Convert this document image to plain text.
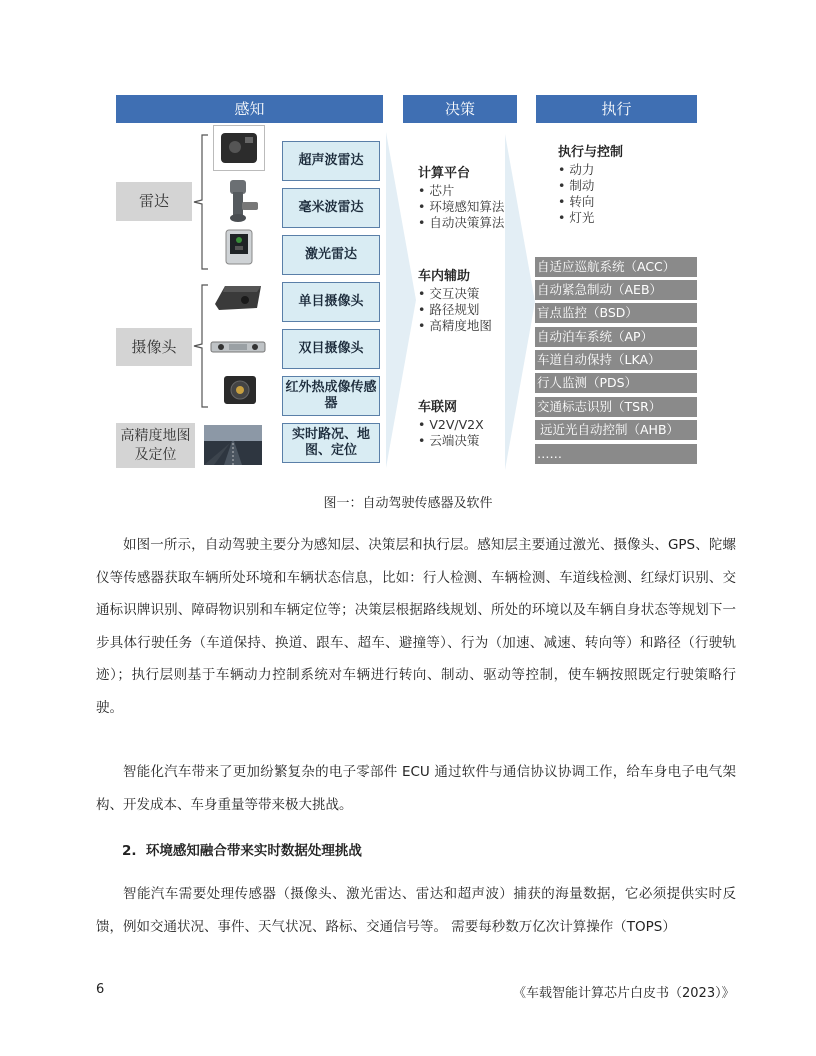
感知	决策	执行
雷达
摄像头
高精度地图及定位
超声波雷达
毫米波雷达
激光雷达
单目摄像头
双目摄像头
红外热成像传感器
实时路况、地图、定位
计算平台
• 芯片
• 环境感知算法
• 自动决策算法
车内辅助
• 交互决策
• 路径规划
• 高精度地图
车联网
• V2V/V2X
• 云端决策
执行与控制
• 动力
• 制动
• 转向
• 灯光
自适应巡航系统（ACC）
自动紧急制动（AEB）
盲点监控（BSD）
自动泊车系统（AP）
车道自动保持（LKA）
行人监测（PDS）
交通标志识别（TSR）
远近光自动控制（AHB）
……
图一：自动驾驶传感器及软件

如图一所示，自动驾驶主要分为感知层、决策层和执行层。感知层主要通过激光、摄像头、GPS、陀螺仪等传感器获取车辆所处环境和车辆状态信息，比如：行人检测、车辆检测、车道线检测、红绿灯识别、交通标识牌识别、障碍物识别和车辆定位等；决策层根据路线规划、所处的环境以及车辆自身状态等规划下一步具体行驶任务（车道保持、换道、跟车、超车、避撞等）、行为（加速、减速、转向等）和路径（行驶轨迹）；执行层则基于车辆动力控制系统对车辆进行转向、制动、驱动等控制，使车辆按照既定行驶策略行驶。

智能化汽车带来了更加纷繁复杂的电子零部件 ECU 通过软件与通信协议协调工作，给车身电子电气架构、开发成本、车身重量等带来极大挑战。

2.  环境感知融合带来实时数据处理挑战

智能汽车需要处理传感器（摄像头、激光雷达、雷达和超声波）捕获的海量数据，它必须提供实时反馈，例如交通状况、事件、天气状况、路标、交通信号等。 需要每秒数万亿次计算操作（TOPS）

6	《车载智能计算芯片白皮书（2023）》
